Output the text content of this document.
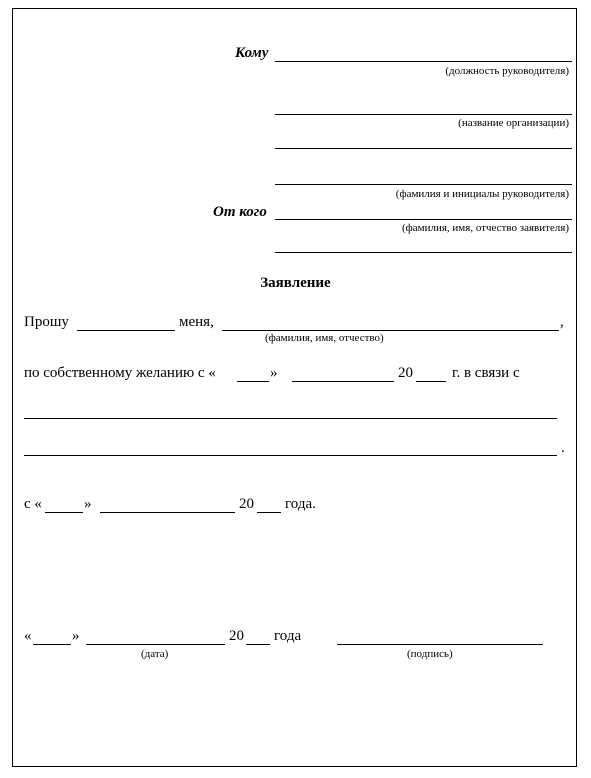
Кому
(должность руководителя)
(название организации)
(фамилия и инициалы руководителя)
От кого
(фамилия, имя, отчество заявителя)
Заявление
Прошу	меня,	,
(фамилия, имя, отчество)
по собственному желанию с «	»	20	г. в связи с
.
с «	»	20 года.
«	»	20 года
(дата)	(подпись)
